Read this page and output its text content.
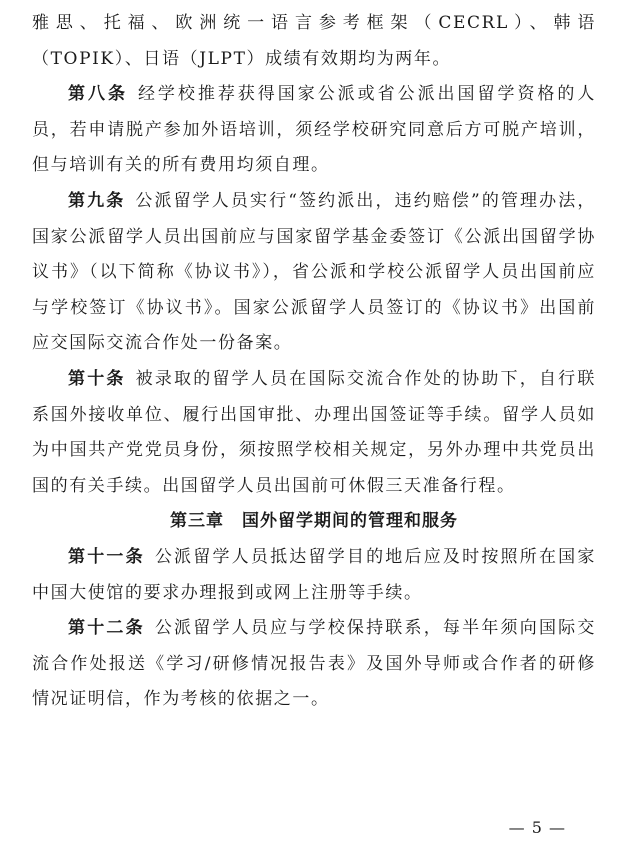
雅思、托福、欧洲统一语言参考框架（CECRL）、韩语（TOPIK）、日语（JLPT）成绩有效期均为两年。

第八条 经学校推荐获得国家公派或省公派出国留学资格的人员，若申请脱产参加外语培训，须经学校研究同意后方可脱产培训，但与培训有关的所有费用均须自理。

第九条 公派留学人员实行“签约派出，违约赔偿”的管理办法，国家公派留学人员出国前应与国家留学基金委签订《公派出国留学协议书》（以下简称《协议书》），省公派和学校公派留学人员出国前应与学校签订《协议书》。国家公派留学人员签订的《协议书》出国前应交国际交流合作处一份备案。

第十条 被录取的留学人员在国际交流合作处的协助下，自行联系国外接收单位、履行出国审批、办理出国签证等手续。留学人员如为中国共产党党员身份，须按照学校相关规定，另外办理中共党员出国的有关手续。出国留学人员出国前可休假三天准备行程。

第三章　国外留学期间的管理和服务

第十一条 公派留学人员抵达留学目的地后应及时按照所在国家中国大使馆的要求办理报到或网上注册等手续。

第十二条 公派留学人员应与学校保持联系，每半年须向国际交流合作处报送《学习/研修情况报告表》及国外导师或合作者的研修情况证明信，作为考核的依据之一。

— 5 —
